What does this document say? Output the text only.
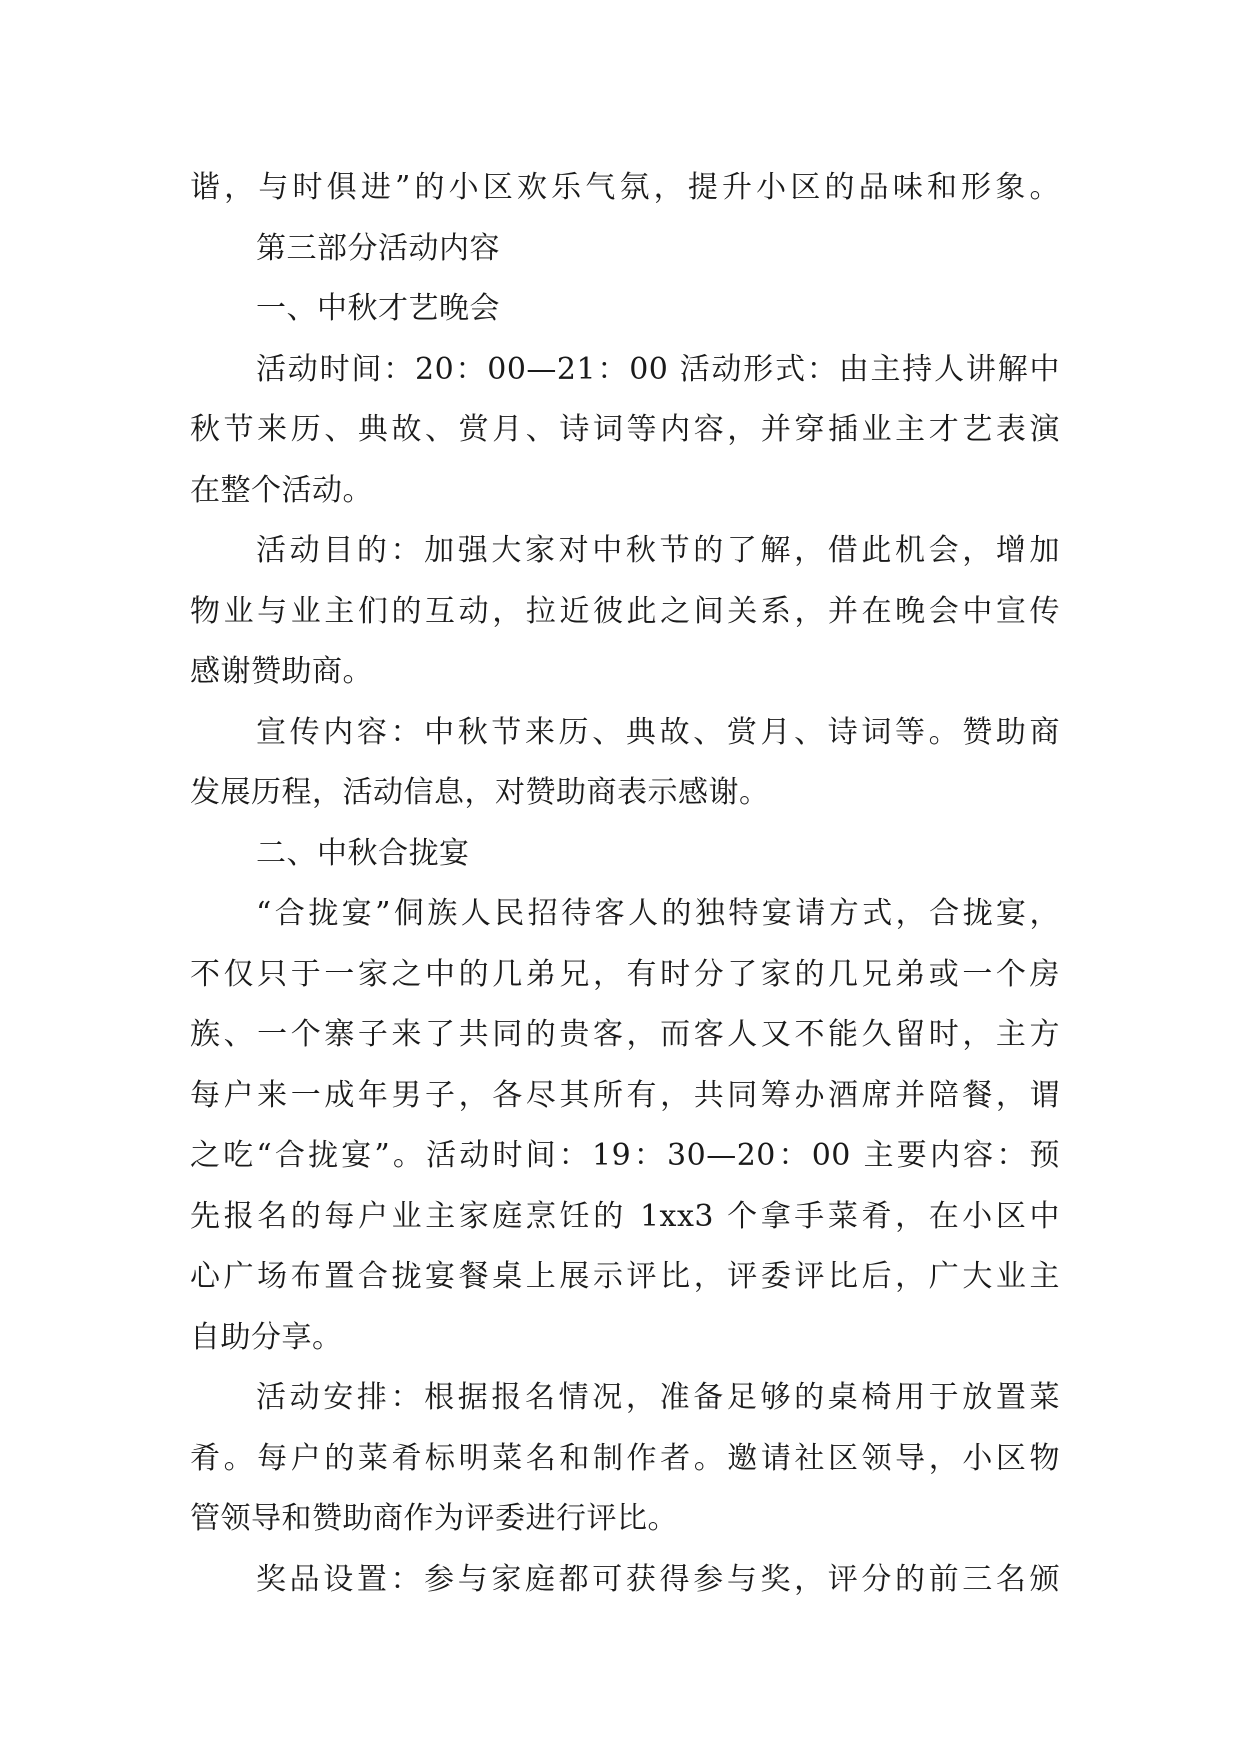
谐，与时俱进”的小区欢乐气氛，提升小区的品味和形象。
第三部分活动内容
一、中秋才艺晚会
活动时间：20：00—21：00 活动形式：由主持人讲解中
秋节来历、典故、赏月、诗词等内容，并穿插业主才艺表演
在整个活动。
活动目的：加强大家对中秋节的了解，借此机会，增加
物业与业主们的互动，拉近彼此之间关系，并在晚会中宣传
感谢赞助商。
宣传内容：中秋节来历、典故、赏月、诗词等。赞助商
发展历程，活动信息，对赞助商表示感谢。
二、中秋合拢宴
“合拢宴”侗族人民招待客人的独特宴请方式，合拢宴，
不仅只于一家之中的几弟兄，有时分了家的几兄弟或一个房
族、一个寨子来了共同的贵客，而客人又不能久留时，主方
每户来一成年男子，各尽其所有，共同筹办酒席并陪餐，谓
之吃“合拢宴”。活动时间：19：30—20：00 主要内容：预
先报名的每户业主家庭烹饪的 1xx3 个拿手菜肴，在小区中
心广场布置合拢宴餐桌上展示评比，评委评比后，广大业主
自助分享。
活动安排：根据报名情况，准备足够的桌椅用于放置菜
肴。每户的菜肴标明菜名和制作者。邀请社区领导，小区物
管领导和赞助商作为评委进行评比。
奖品设置：参与家庭都可获得参与奖，评分的前三名颁
